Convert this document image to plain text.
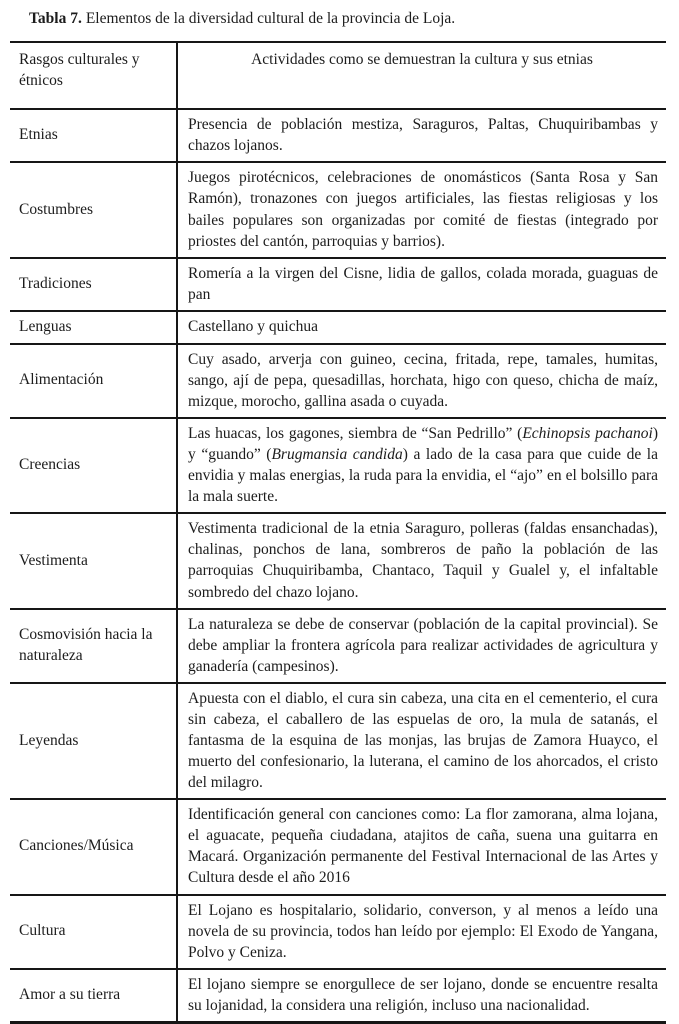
Tabla 7. Elementos de la diversidad cultural de la provincia de Loja.
Rasgos culturales y étnicos	Actividades como se demuestran la cultura y sus etnias
Etnias	Presencia de población mestiza, Saraguros, Paltas, Chuquiribambas y chazos lojanos.
Costumbres	Juegos pirotécnicos, celebraciones de onomásticos (Santa Rosa y San Ramón), tronazones con juegos artificiales, las fiestas religiosas y los bailes populares son organizadas por comité de fiestas (integrado por priostes del cantón, parroquias y barrios).
Tradiciones	Romería a la virgen del Cisne, lidia de gallos, colada morada, guaguas de pan
Lenguas	Castellano y quichua
Alimentación	Cuy asado, arverja con guineo, cecina, fritada, repe, tamales, humitas, sango, ají de pepa, quesadillas, horchata, higo con queso, chicha de maíz, mizque, morocho, gallina asada o cuyada.
Creencias	Las huacas, los gagones, siembra de “San Pedrillo” (Echinopsis pachanoi) y “guando” (Brugmansia candida) a lado de la casa para que cuide de la envidia y malas energias, la ruda para la envidia, el “ajo” en el bolsillo para la mala suerte.
Vestimenta	Vestimenta tradicional de la etnia Saraguro, polleras (faldas ensanchadas), chalinas, ponchos de lana, sombreros de paño la población de las parroquias Chuquiribamba, Chantaco, Taquil y Gualel y, el infaltable sombredo del chazo lojano.
Cosmovisión hacia la naturaleza	La naturaleza se debe de conservar (población de la capital provincial). Se debe ampliar la frontera agrícola para realizar actividades de agricultura y ganadería (campesinos).
Leyendas	Apuesta con el diablo, el cura sin cabeza, una cita en el cementerio, el cura sin cabeza, el caballero de las espuelas de oro, la mula de satanás, el fantasma de la esquina de las monjas, las brujas de Zamora Huayco, el muerto del confesionario, la luterana, el camino de los ahorcados, el cristo del milagro.
Canciones/Música	Identificación general con canciones como: La flor zamorana, alma lojana, el aguacate, pequeña ciudadana, atajitos de caña, suena una guitarra en Macará. Organización permanente del Festival Internacional de las Artes y Cultura desde el año 2016
Cultura	El Lojano es hospitalario, solidario, converson, y al menos a leído una novela de su provincia, todos han leído por ejemplo: El Exodo de Yangana, Polvo y Ceniza.
Amor a su tierra	El lojano siempre se enorgullece de ser lojano, donde se encuentre resalta su lojanidad, la considera una religión, incluso una nacionalidad.
